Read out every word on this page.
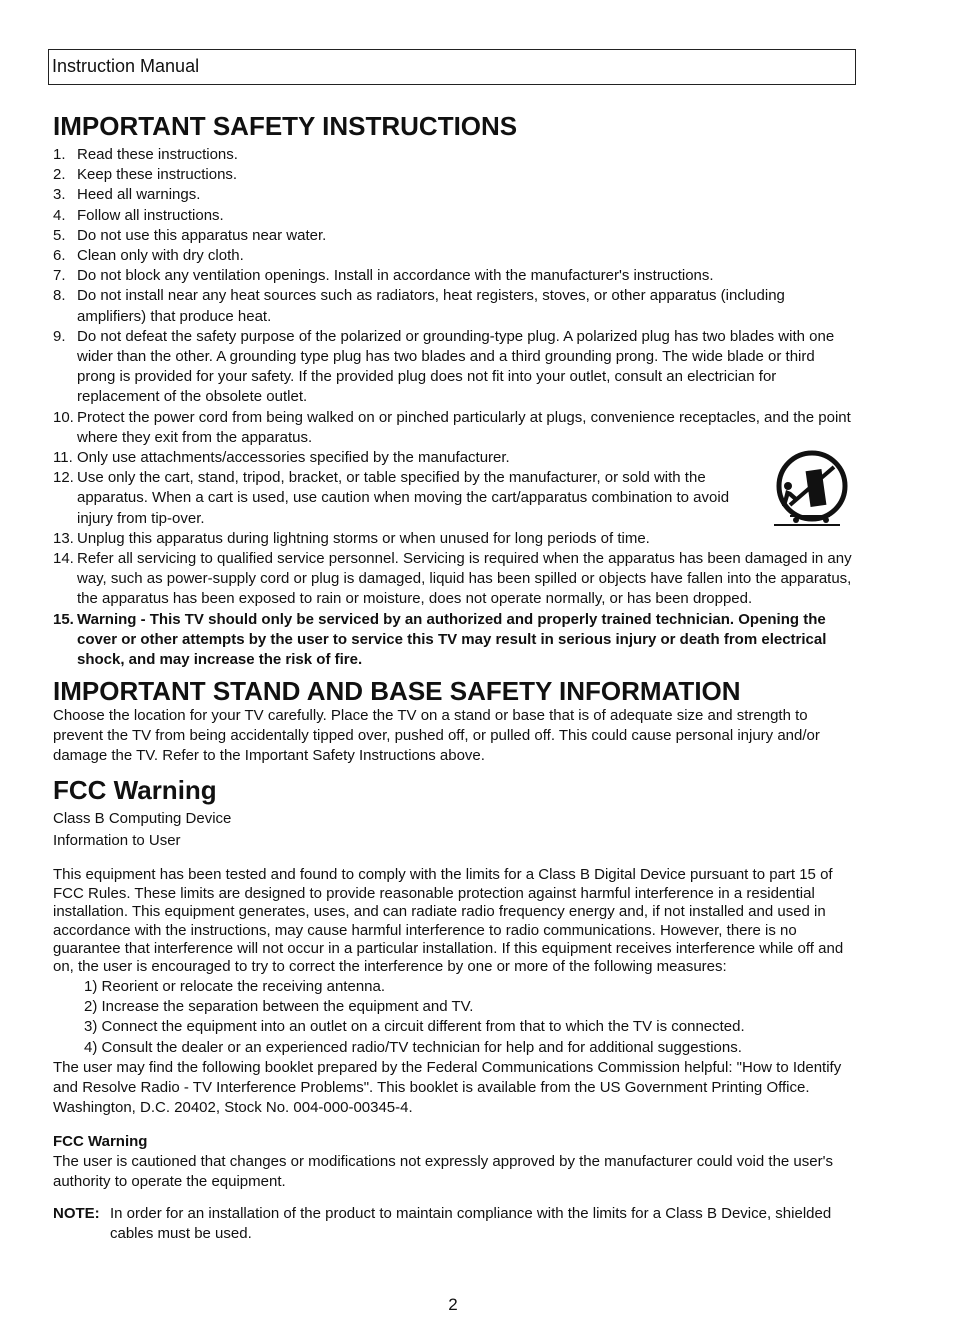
Instruction Manual
IMPORTANT SAFETY INSTRUCTIONS
1. Read these instructions.
2. Keep these instructions.
3. Heed all warnings.
4. Follow all instructions.
5. Do not use this apparatus near water.
6. Clean only with dry cloth.
7. Do not block any ventilation openings. Install in accordance with the manufacturer's instructions.
8. Do not install near any heat sources such as radiators, heat registers, stoves, or other apparatus (including amplifiers) that produce heat.
9. Do not defeat the safety purpose of the polarized or grounding-type plug. A polarized plug has two blades with one wider than the other. A grounding type plug has two blades and a third grounding prong. The wide blade or third prong is provided for your safety. If the provided plug does not fit into your outlet, consult an electrician for replacement of the obsolete outlet.
10. Protect the power cord from being walked on or pinched particularly at plugs, convenience receptacles, and the point where they exit from the apparatus.
11. Only use attachments/accessories specified by the manufacturer.
12. Use only the cart, stand, tripod, bracket, or table specified by the manufacturer, or sold with the apparatus. When a cart is used, use caution when moving the cart/apparatus combination to avoid injury from tip-over.
13. Unplug this apparatus during lightning storms or when unused for long periods of time.
14. Refer all servicing to qualified service personnel. Servicing is required when the apparatus has been damaged in any way, such as power-supply cord or plug is damaged, liquid has been spilled or objects have fallen into the apparatus, the apparatus has been exposed to rain or moisture, does not operate normally, or has been dropped.
15. Warning - This TV should only be serviced by an authorized and properly trained technician. Opening the cover or other attempts by the user to service this TV may result in serious injury or death from electrical shock, and may increase the risk of fire.
IMPORTANT STAND AND BASE SAFETY INFORMATION

Choose the location for your TV carefully. Place the TV on a stand or base that is of adequate size and strength to prevent the TV from being accidentally tipped over, pushed off, or pulled off. This could cause personal injury and/or damage the TV. Refer to the Important Safety Instructions above.

FCC Warning

Class B Computing Device

Information to User

This equipment has been tested and found to comply with the limits for a Class B Digital Device pursuant to part 15 of FCC Rules. These limits are designed to provide reasonable protection against harmful interference in a residential installation. This equipment generates, uses, and can radiate radio frequency energy and, if not installed and used in accordance with the instructions, may cause harmful interference to radio communications. However, there is no guarantee that interference will not occur in a particular installation. If this equipment receives interference while off and on, the user is encouraged to try to correct the interference by one or more of the following measures:

1) Reorient or relocate the receiving antenna.
2) Increase the separation between the equipment and TV.
3) Connect the equipment into an outlet on a circuit different from that to which the TV is connected.
4) Consult the dealer or an experienced radio/TV technician for help and for additional suggestions.

The user may find the following booklet prepared by the Federal Communications Commission helpful: "How to Identify and Resolve Radio - TV Interference Problems". This booklet is available from the US Government Printing Office. Washington, D.C. 20402, Stock No. 004-000-00345-4.

FCC Warning

The user is cautioned that changes or modifications not expressly approved by the manufacturer could void the user's authority to operate the equipment.

NOTE: In order for an installation of the product to maintain compliance with the limits for a Class B Device, shielded cables must be used.
2
